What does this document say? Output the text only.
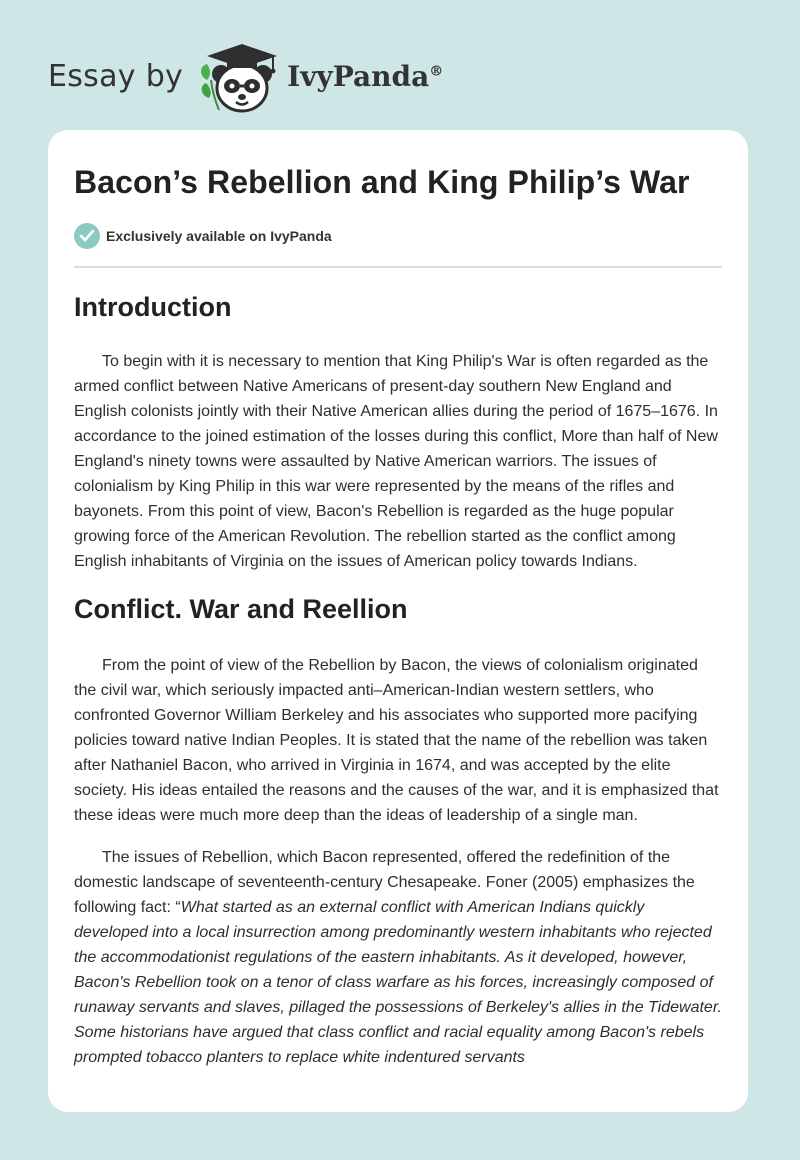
Essay by	IvyPanda®
Bacon’s Rebellion and King Philip’s War
Exclusively available on IvyPanda
Introduction

To begin with it is necessary to mention that King Philip's War is often regarded as the armed conflict between Native Americans of present-day southern New England and English colonists jointly with their Native American allies during the period of 1675–1676. In accordance to the joined estimation of the losses during this conflict, More than half of New England's ninety towns were assaulted by Native American warriors. The issues of colonialism by King Philip in this war were represented by the means of the rifles and bayonets. From this point of view, Bacon's Rebellion is regarded as the huge popular growing force of the American Revolution. The rebellion started as the conflict among English inhabitants of Virginia on the issues of American policy towards Indians.

Conflict. War and Reellion

From the point of view of the Rebellion by Bacon, the views of colonialism originated the civil war, which seriously impacted anti–American-Indian western settlers, who confronted Governor William Berkeley and his associates who supported more pacifying policies toward native Indian Peoples. It is stated that the name of the rebellion was taken after Nathaniel Bacon, who arrived in Virginia in 1674, and was accepted by the elite society. His ideas entailed the reasons and the causes of the war, and it is emphasized that these ideas were much more deep than the ideas of leadership of a single man.

The issues of Rebellion, which Bacon represented, offered the redefinition of the domestic landscape of seventeenth-century Chesapeake. Foner (2005) emphasizes the following fact: “What started as an external conflict with American Indians quickly developed into a local insurrection among predominantly western inhabitants who rejected the accommodationist regulations of the eastern inhabitants. As it developed, however, Bacon's Rebellion took on a tenor of class warfare as his forces, increasingly composed of runaway servants and slaves, pillaged the possessions of Berkeley's allies in the Tidewater. Some historians have argued that class conflict and racial equality among Bacon's rebels prompted tobacco planters to replace white indentured servants
